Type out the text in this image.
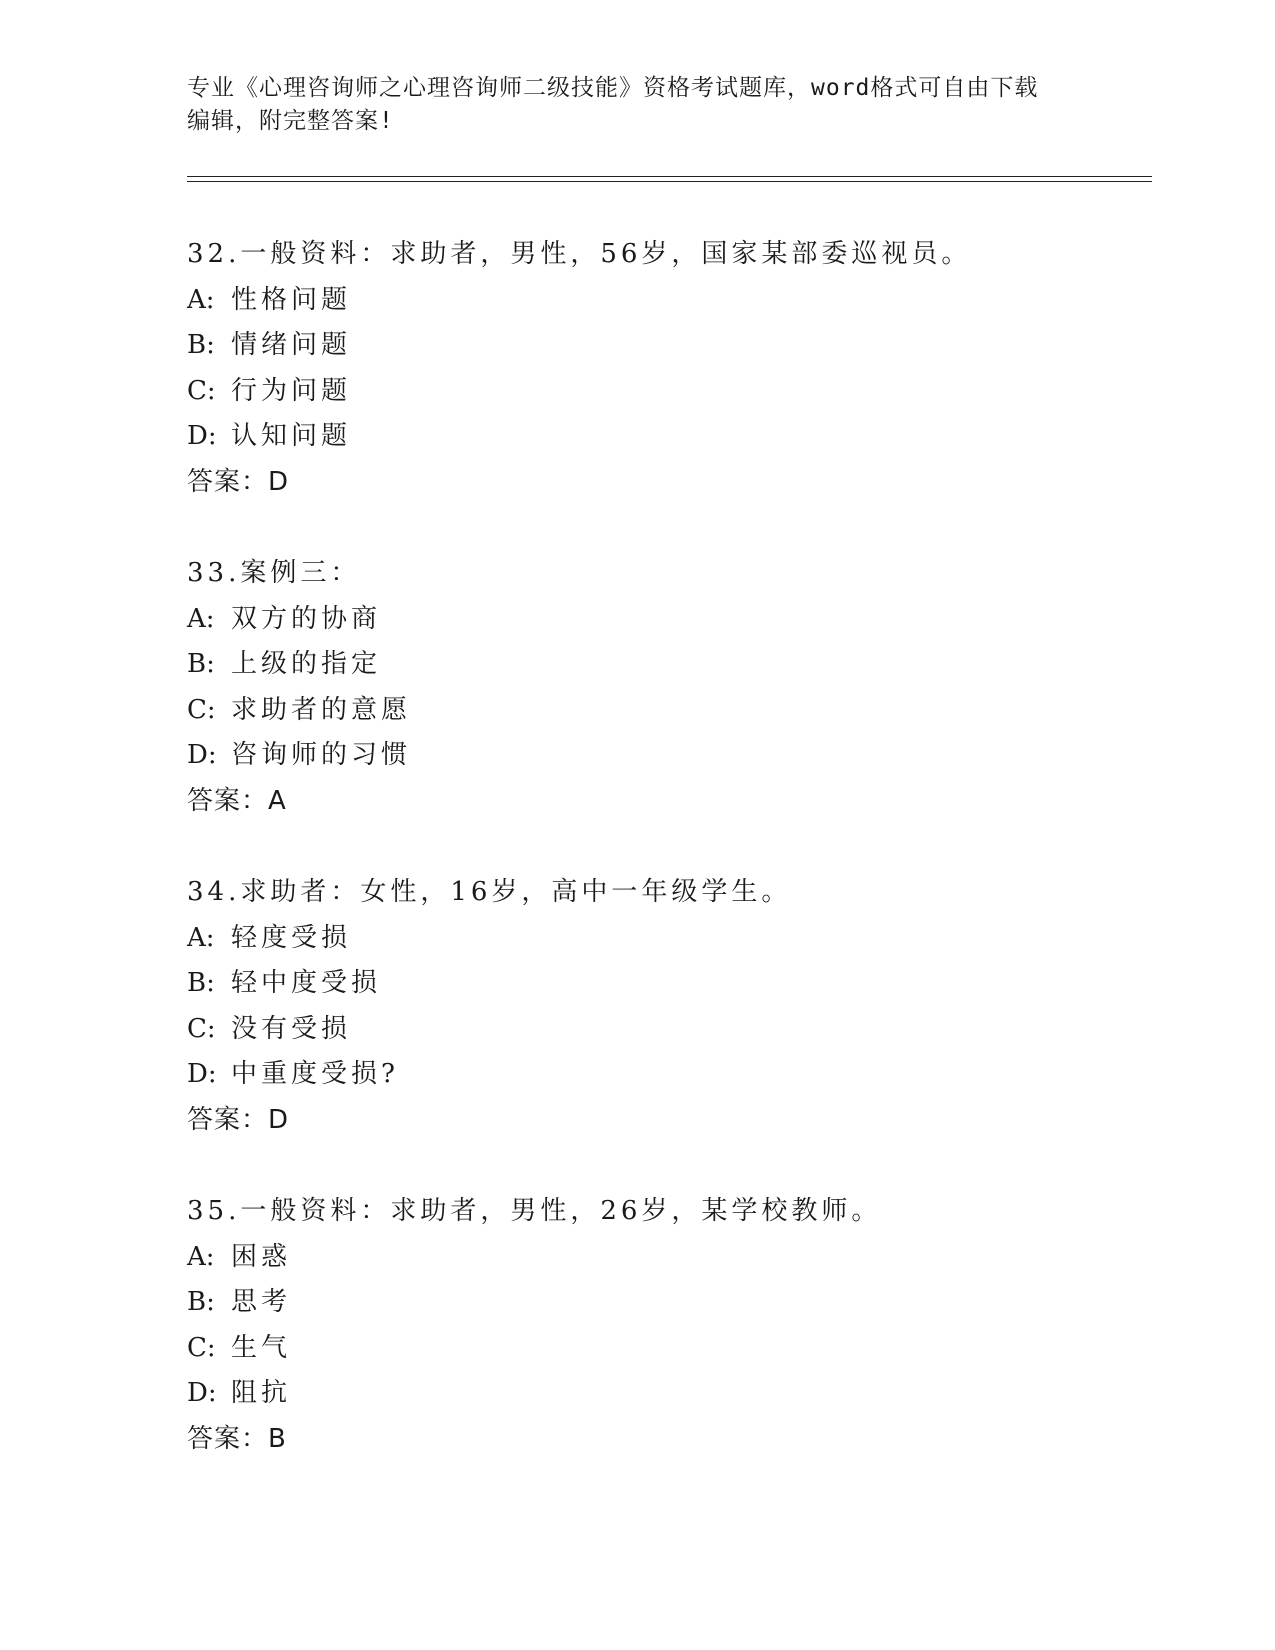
专业《心理咨询师之心理咨询师二级技能》资格考试题库，word格式可自由下载

编辑，附完整答案!

32.一般资料：求助者，男性，56岁，国家某部委巡视员。
A: 性格问题
B: 情绪问题
C: 行为问题
D: 认知问题
答案：D
33.案例三：
A: 双方的协商
B: 上级的指定
C: 求助者的意愿
D: 咨询师的习惯
答案：A
34.求助者：女性，16岁，高中一年级学生。
A: 轻度受损
B: 轻中度受损
C: 没有受损
D: 中重度受损?
答案：D
35.一般资料：求助者，男性，26岁，某学校教师。
A: 困惑
B: 思考
C: 生气
D: 阻抗
答案：B
